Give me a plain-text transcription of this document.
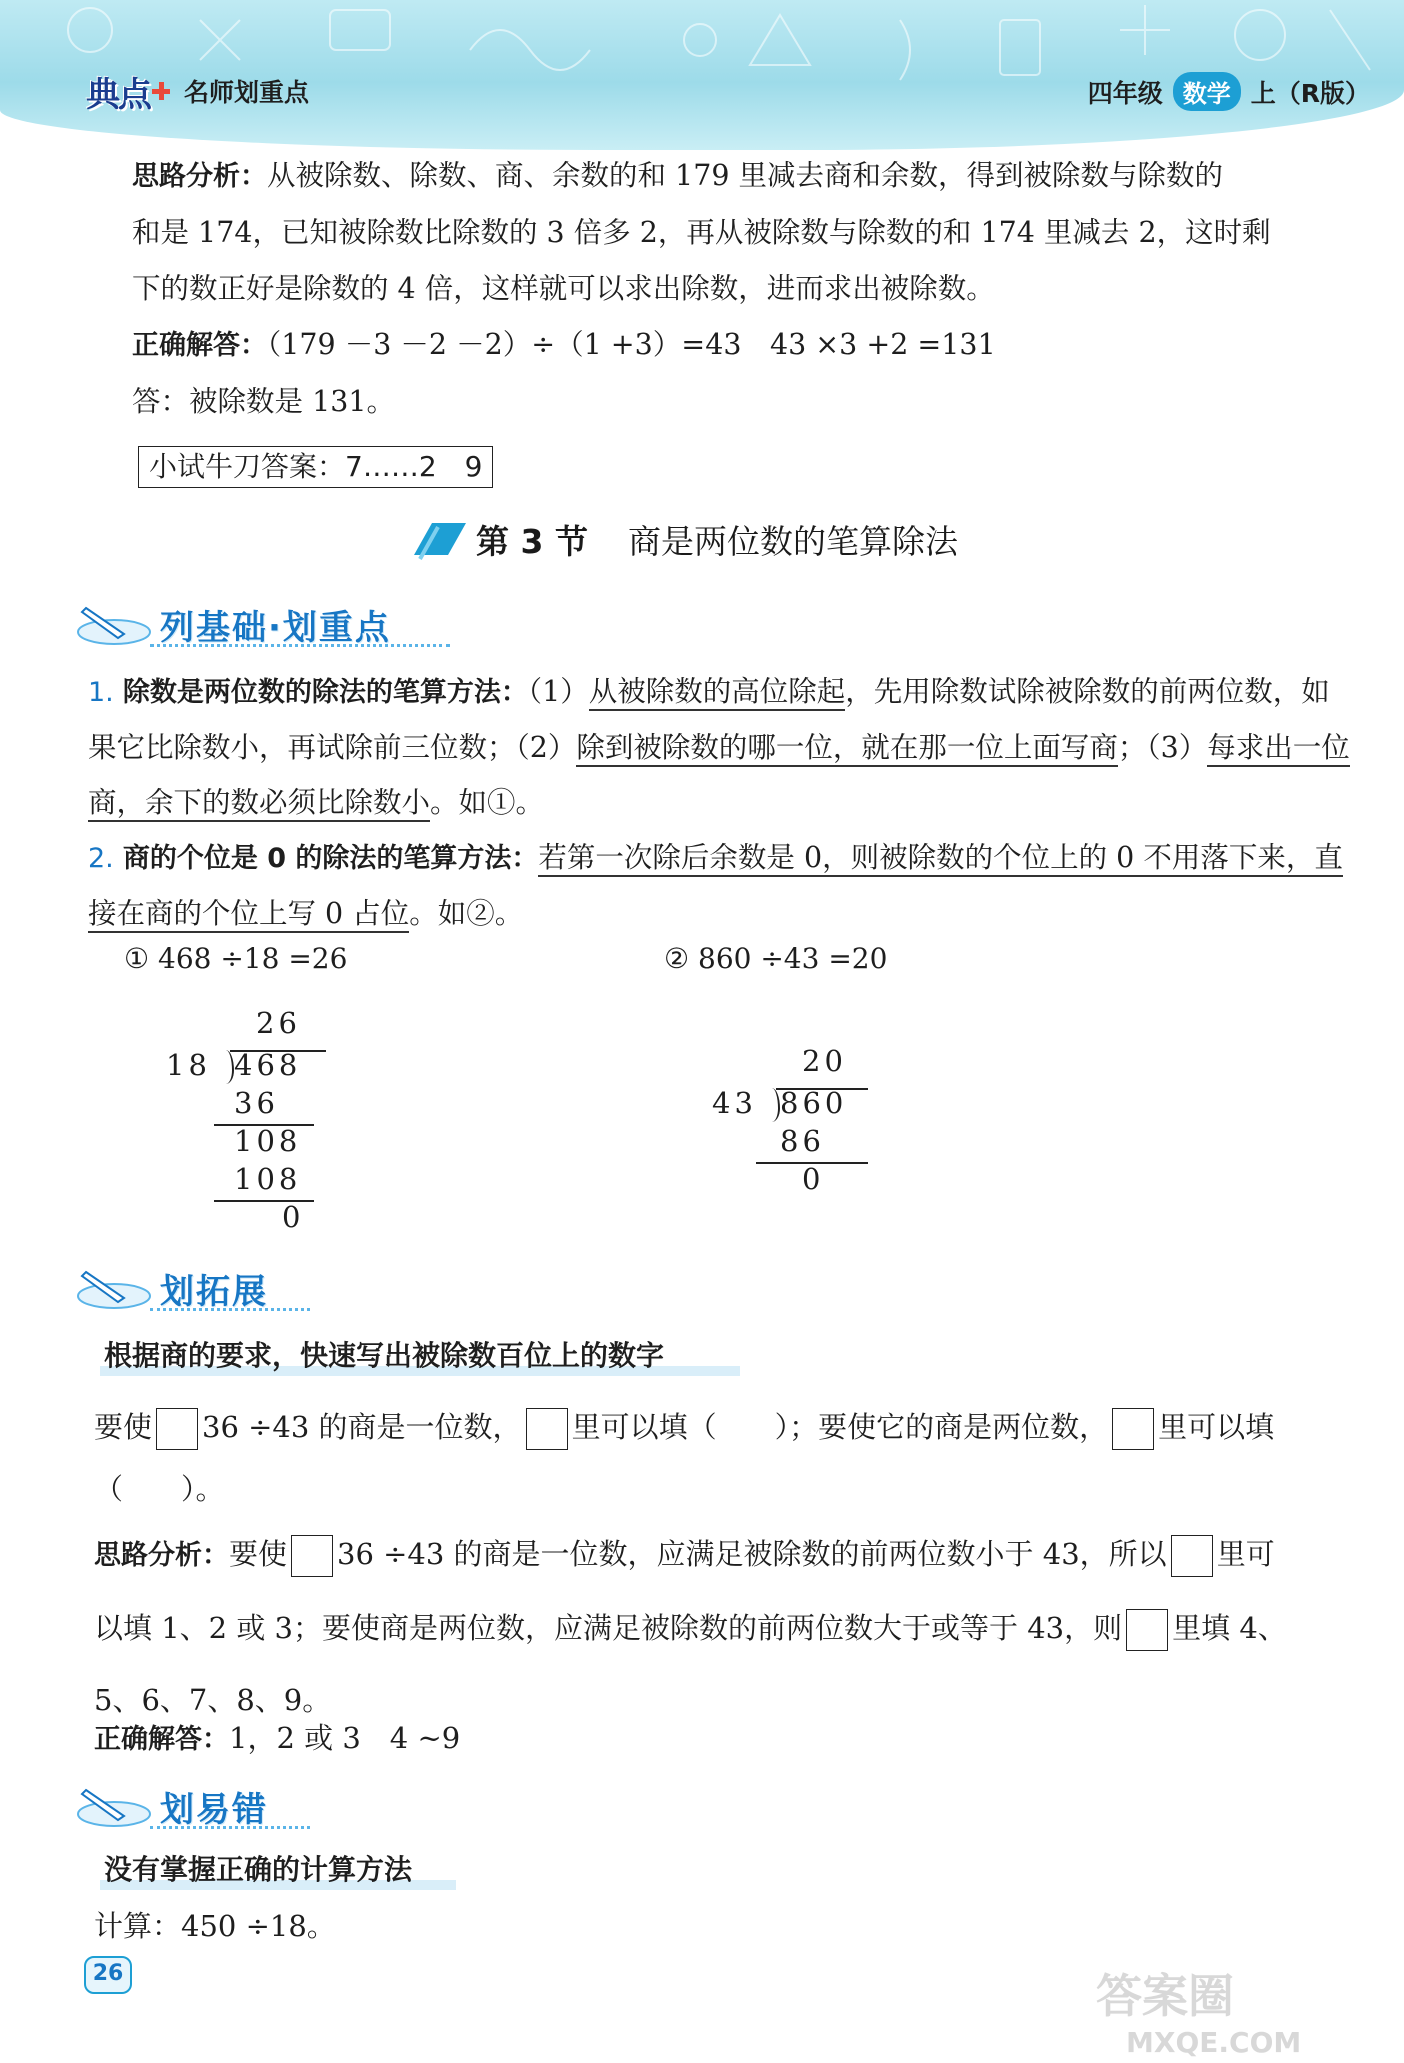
典点 名师划重点	四年级 数学 上（R版）
思路分析：从被除数、除数、商、余数的和 179 里减去商和余数，得到被除数与除数的
和是 174，已知被除数比除数的 3 倍多 2，再从被除数与除数的和 174 里减去 2，这时剩
下的数正好是除数的 4 倍，这样就可以求出除数，进而求出被除数。
正确解答：（179 －3 －2 －2）÷（1 +3）=43　43 ×3 +2 =131
答：被除数是 131。
小试牛刀答案：7……2　9
第 3 节 商是两位数的笔算除法
列基础·划重点
1. 除数是两位数的除法的笔算方法：（1）从被除数的高位除起，先用除数试除被除数的前两位数，如果它比除数小，再试除前三位数；（2）除到被除数的哪一位，就在那一位上面写商；（3）每求出一位商，余下的数必须比除数小。如①。
2. 商的个位是 0 的除法的笔算方法：若第一次除后余数是 0，则被除数的个位上的 0 不用落下来，直接在商的个位上写 0 占位。如②。
① 468 ÷18 =26	② 860 ÷43 =20
26
18 468
36
108
108
0
20
43 860
86
0
划拓展
根据商的要求，快速写出被除数百位上的数字
要使 36 ÷43 的商是一位数， 里可以填（　　）；要使它的商是两位数， 里可以填
（　　）。
思路分析：要使 36 ÷43 的商是一位数，应满足被除数的前两位数小于 43，所以 里可
以填 1、2 或 3；要使商是两位数，应满足被除数的前两位数大于或等于 43，则 里填 4、
5、6、7、8、9。
正确解答：1，2 或 3　4 ~9
划易错
没有掌握正确的计算方法
计算：450 ÷18。
26	答案圈
MXQE.COM
